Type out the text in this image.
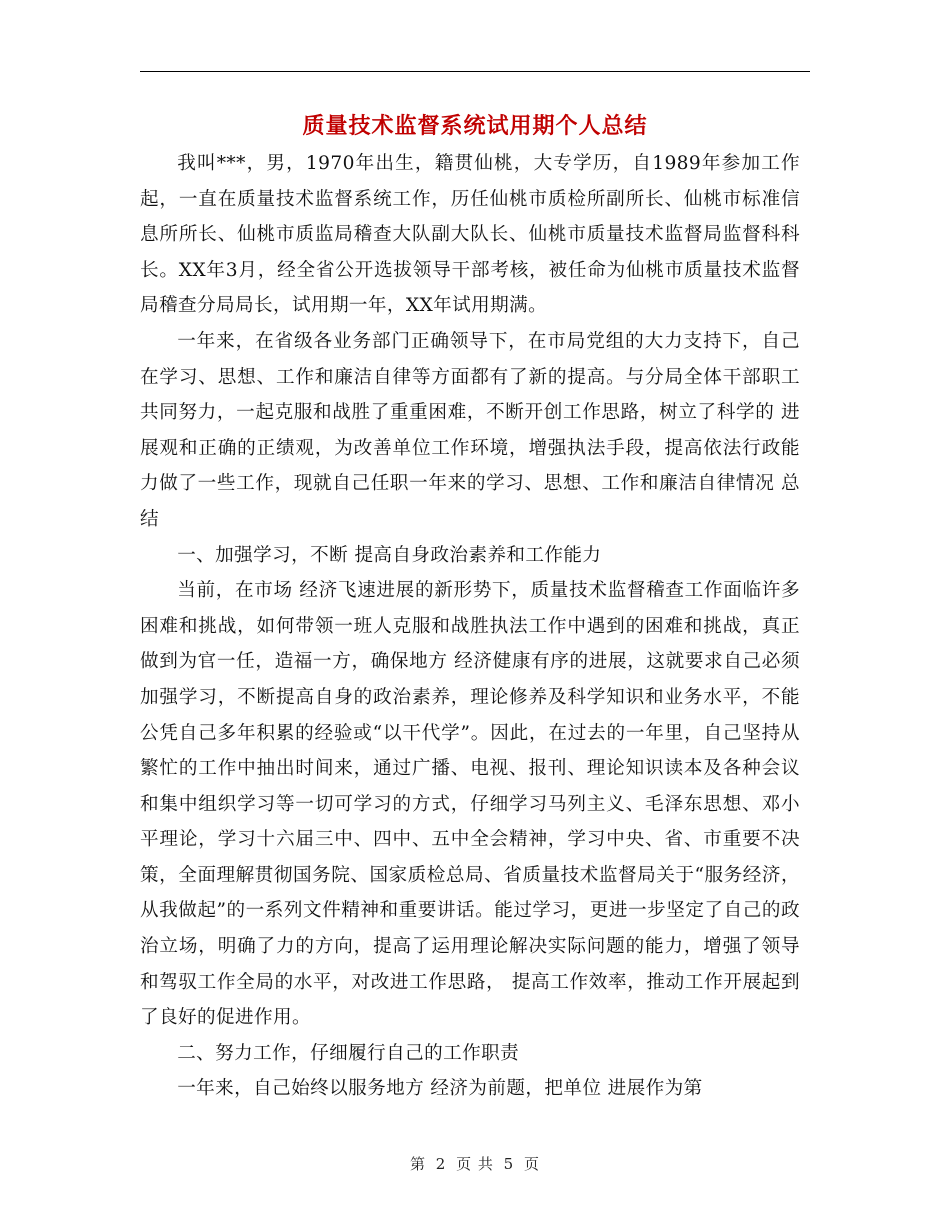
质量技术监督系统试用期个人总结

我叫***，男，1970年出生，籍贯仙桃，大专学历，自1989年参加工作起，一直在质量技术监督系统工作，历任仙桃市质检所副所长、仙桃市标准信息所所长、仙桃市质监局稽查大队副大队长、仙桃市质量技术监督局监督科科长。XX年3月，经全省公开选拔领导干部考核，被任命为仙桃市质量技术监督局稽查分局局长，试用期一年，XX年试用期满。

一年来，在省级各业务部门正确领导下，在市局党组的大力支持下，自己在学习、思想、工作和廉洁自律等方面都有了新的提高。与分局全体干部职工共同努力，一起克服和战胜了重重困难，不断开创工作思路，树立了科学的 进展观和正确的正绩观，为改善单位工作环境，增强执法手段，提高依法行政能力做了一些工作，现就自己任职一年来的学习、思想、工作和廉洁自律情况 总结

一、加强学习，不断 提高自身政治素养和工作能力

当前，在市场 经济飞速进展的新形势下，质量技术监督稽查工作面临许多困难和挑战，如何带领一班人克服和战胜执法工作中遇到的困难和挑战，真正做到为官一任，造福一方，确保地方 经济健康有序的进展，这就要求自己必须加强学习，不断提高自身的政治素养，理论修养及科学知识和业务水平，不能公凭自己多年积累的经验或“以干代学”。因此，在过去的一年里，自己坚持从繁忙的工作中抽出时间来，通过广播、电视、报刊、理论知识读本及各种会议和集中组织学习等一切可学习的方式，仔细学习马列主义、毛泽东思想、邓小平理论，学习十六届三中、四中、五中全会精神，学习中央、省、市重要不决策，全面理解贯彻国务院、国家质检总局、省质量技术监督局关于“服务经济，从我做起”的一系列文件精神和重要讲话。能过学习，更进一步坚定了自己的政治立场，明确了力的方向，提高了运用理论解决实际问题的能力，增强了领导和驾驭工作全局的水平，对改进工作思路， 提高工作效率，推动工作开展起到了良好的促进作用。

二、努力工作，仔细履行自己的工作职责

一年来，自己始终以服务地方 经济为前题，把单位 进展作为第

第 2 页 共 5 页
